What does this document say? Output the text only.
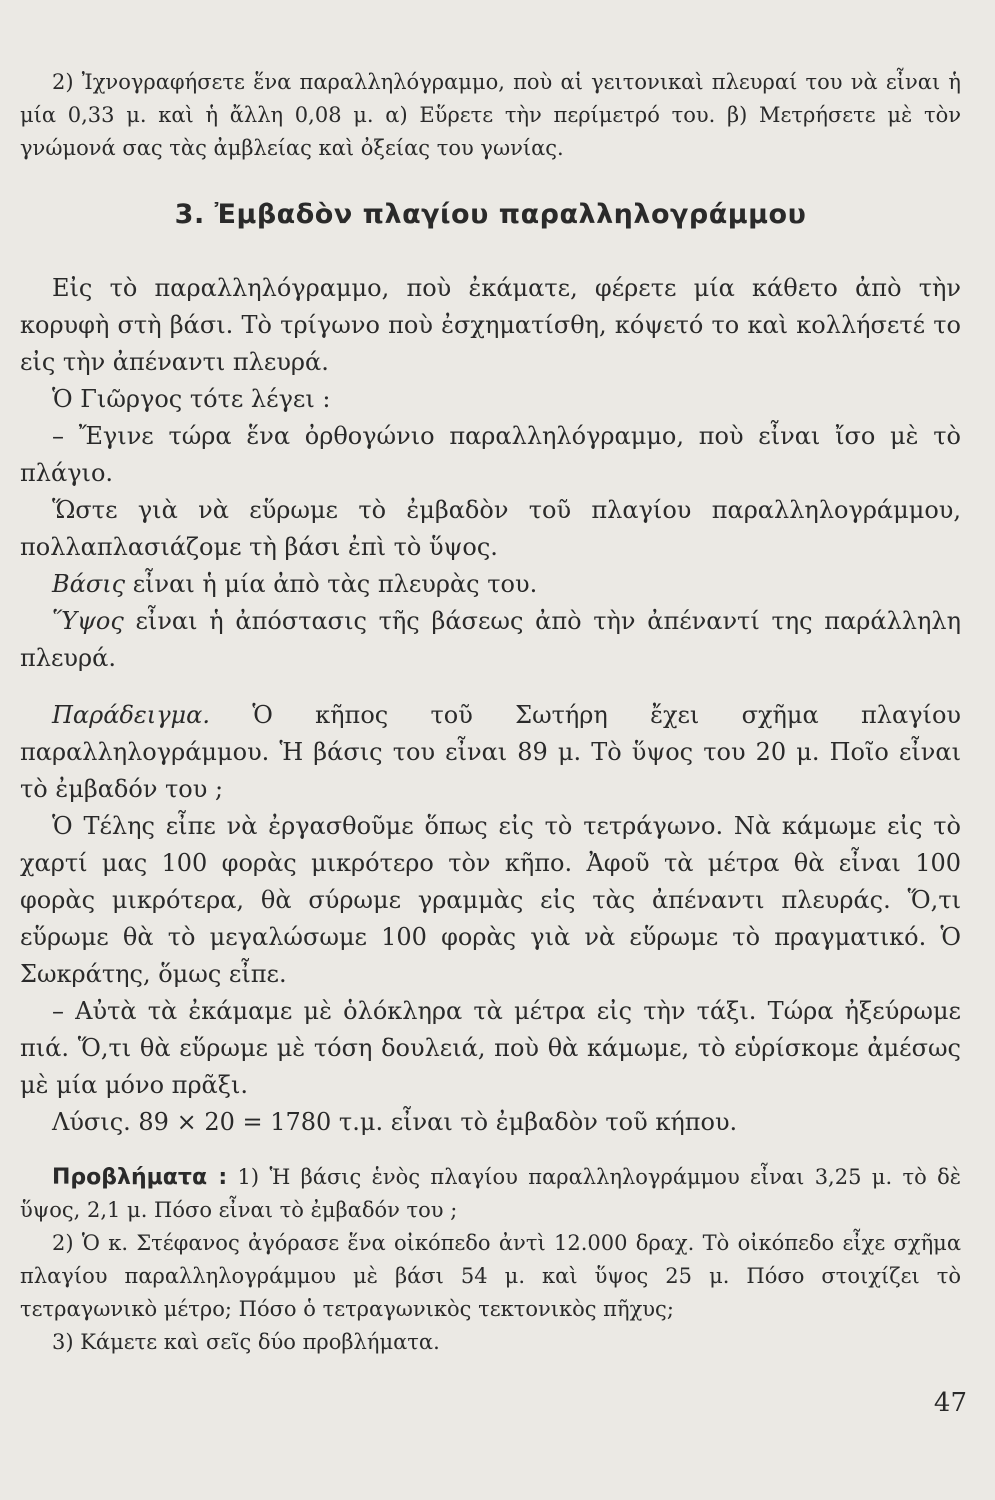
2) Ἰχνογραφήσετε ἕνα παραλληλόγραμμο, ποὺ αἱ γειτονικαὶ πλευραί του νὰ εἶναι ἡ μία 0,33 μ. καὶ ἡ ἄλλη 0,08 μ. α) Εὕρετε τὴν περίμετρό του. β) Μετρήσετε μὲ τὸν γνώμονά σας τὰς ἀμβλείας καὶ ὀξείας του γωνίας.

3. Ἐμβαδὸν πλαγίου παραλληλογράμμου

Εἰς τὸ παραλληλόγραμμο, ποὺ ἐκάματε, φέρετε μία κάθετο ἀπὸ τὴν κορυφὴ στὴ βάσι. Τὸ τρίγωνο ποὺ ἐσχηματίσθη, κόψετό το καὶ κολλήσετέ το εἰς τὴν ἀπέναντι πλευρά.

Ὁ Γιῶργος τότε λέγει :

– Ἔγινε τώρα ἕνα ὀρθογώνιο παραλληλόγραμμο, ποὺ εἶναι ἴσο μὲ τὸ πλάγιο.

Ὥστε γιὰ νὰ εὕρωμε τὸ ἐμβαδὸν τοῦ πλαγίου παραλληλογράμμου, πολλαπλασιάζομε τὴ βάσι ἐπὶ τὸ ὕψος.

Βάσις εἶναι ἡ μία ἀπὸ τὰς πλευρὰς του.

Ὕψος εἶναι ἡ ἀπόστασις τῆς βάσεως ἀπὸ τὴν ἀπέναντί της παράλληλη πλευρά.

Παράδειγμα. Ὁ κῆπος τοῦ Σωτήρη ἔχει σχῆμα πλαγίου παραλληλογράμμου. Ἡ βάσις του εἶναι 89 μ. Τὸ ὕψος του 20 μ. Ποῖο εἶναι τὸ ἐμβαδόν του ;

Ὁ Τέλης εἶπε νὰ ἐργασθοῦμε ὅπως εἰς τὸ τετράγωνο. Νὰ κάμωμε εἰς τὸ χαρτί μας 100 φορὰς μικρότερο τὸν κῆπο. Ἀφοῦ τὰ μέτρα θὰ εἶναι 100 φορὰς μικρότερα, θὰ σύρωμε γραμμὰς εἰς τὰς ἀπέναντι πλευράς. Ὅ,τι εὕρωμε θὰ τὸ μεγαλώσωμε 100 φορὰς γιὰ νὰ εὕρωμε τὸ πραγματικό. Ὁ Σωκράτης, ὅμως εἶπε.

– Αὐτὰ τὰ ἐκάμαμε μὲ ὁλόκληρα τὰ μέτρα εἰς τὴν τάξι. Τώρα ἠξεύρωμε πιά. Ὅ,τι θὰ εὕρωμε μὲ τόση δουλειά, ποὺ θὰ κάμωμε, τὸ εὑρίσκομε ἀμέσως μὲ μία μόνο πρᾶξι.

Λύσις. 89 × 20 = 1780 τ.μ. εἶναι τὸ ἐμβαδὸν τοῦ κήπου.

Προβλήματα : 1) Ἡ βάσις ἑνὸς πλαγίου παραλληλογράμμου εἶναι 3,25 μ. τὸ δὲ ὕψος, 2,1 μ. Πόσο εἶναι τὸ ἐμβαδόν του ;

2) Ὁ κ. Στέφανος ἀγόρασε ἕνα οἰκόπεδο ἀντὶ 12.000 δραχ. Τὸ οἰκόπεδο εἶχε σχῆμα πλαγίου παραλληλογράμμου μὲ βάσι 54 μ. καὶ ὕψος 25 μ. Πόσο στοιχίζει τὸ τετραγωνικὸ μέτρο; Πόσο ὁ τετραγωνικὸς τεκτονικὸς πῆχυς;

3) Κάμετε καὶ σεῖς δύο προβλήματα.

47
